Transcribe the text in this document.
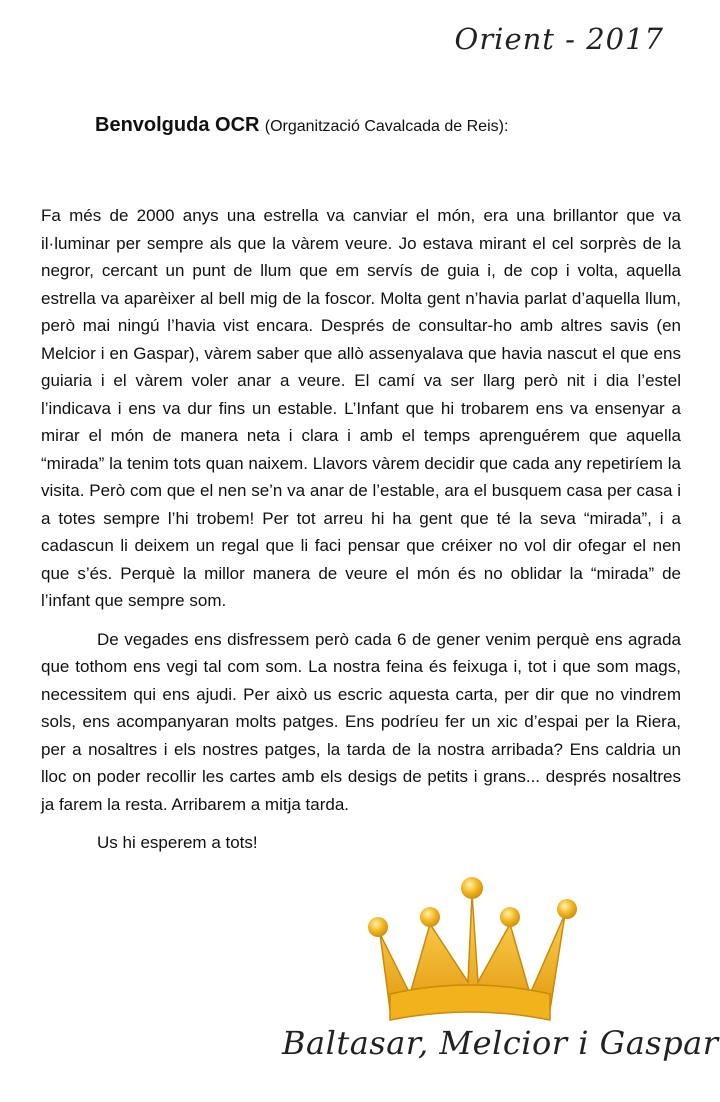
Orient - 2017
Benvolguda OCR (Organització Cavalcada de Reis):

Fa més de 2000 anys una estrella va canviar el món, era una brillantor que va il·luminar per sempre als que la vàrem veure. Jo estava mirant el cel sorprès de la negror, cercant un punt de llum que em servís de guia i, de cop i volta, aquella estrella va aparèixer al bell mig de la foscor. Molta gent n’havia parlat d’aquella llum, però mai ningú l’havia vist encara. Després de consultar-ho amb altres savis (en Melcior i en Gaspar), vàrem saber que allò assenyalava que havia nascut el que ens guiaria i el vàrem voler anar a veure. El camí va ser llarg però nit i dia l’estel l’indicava i ens va dur fins un estable. L’Infant que hi trobarem ens va ensenyar a mirar el món de manera neta i clara i amb el temps aprenguérem que aquella “mirada” la tenim tots quan naixem. Llavors vàrem decidir que cada any repetiríem la visita. Però com que el nen se’n va anar de l’estable, ara el busquem casa per casa i a totes sempre l’hi trobem! Per tot arreu hi ha gent que té la seva “mirada”, i a cadascun li deixem un regal que li faci pensar que créixer no vol dir ofegar el nen que s’és. Perquè la millor manera de veure el món és no oblidar la “mirada” de l’infant que sempre som.

De vegades ens disfressem però cada 6 de gener venim perquè ens agrada que tothom ens vegi tal com som. La nostra feina és feixuga i, tot i que som mags, necessitem qui ens ajudi. Per això us escric aquesta carta, per dir que no vindrem sols, ens acompanyaran molts patges. Ens podríeu fer un xic d’espai per la Riera, per a nosaltres i els nostres patges, la tarda de la nostra arribada? Ens caldria un lloc on poder recollir les cartes amb els desigs de petits i grans... després nosaltres ja farem la resta. Arribarem a mitja tarda.

Us hi esperem a tots!

Baltasar, Melcior i Gaspar
